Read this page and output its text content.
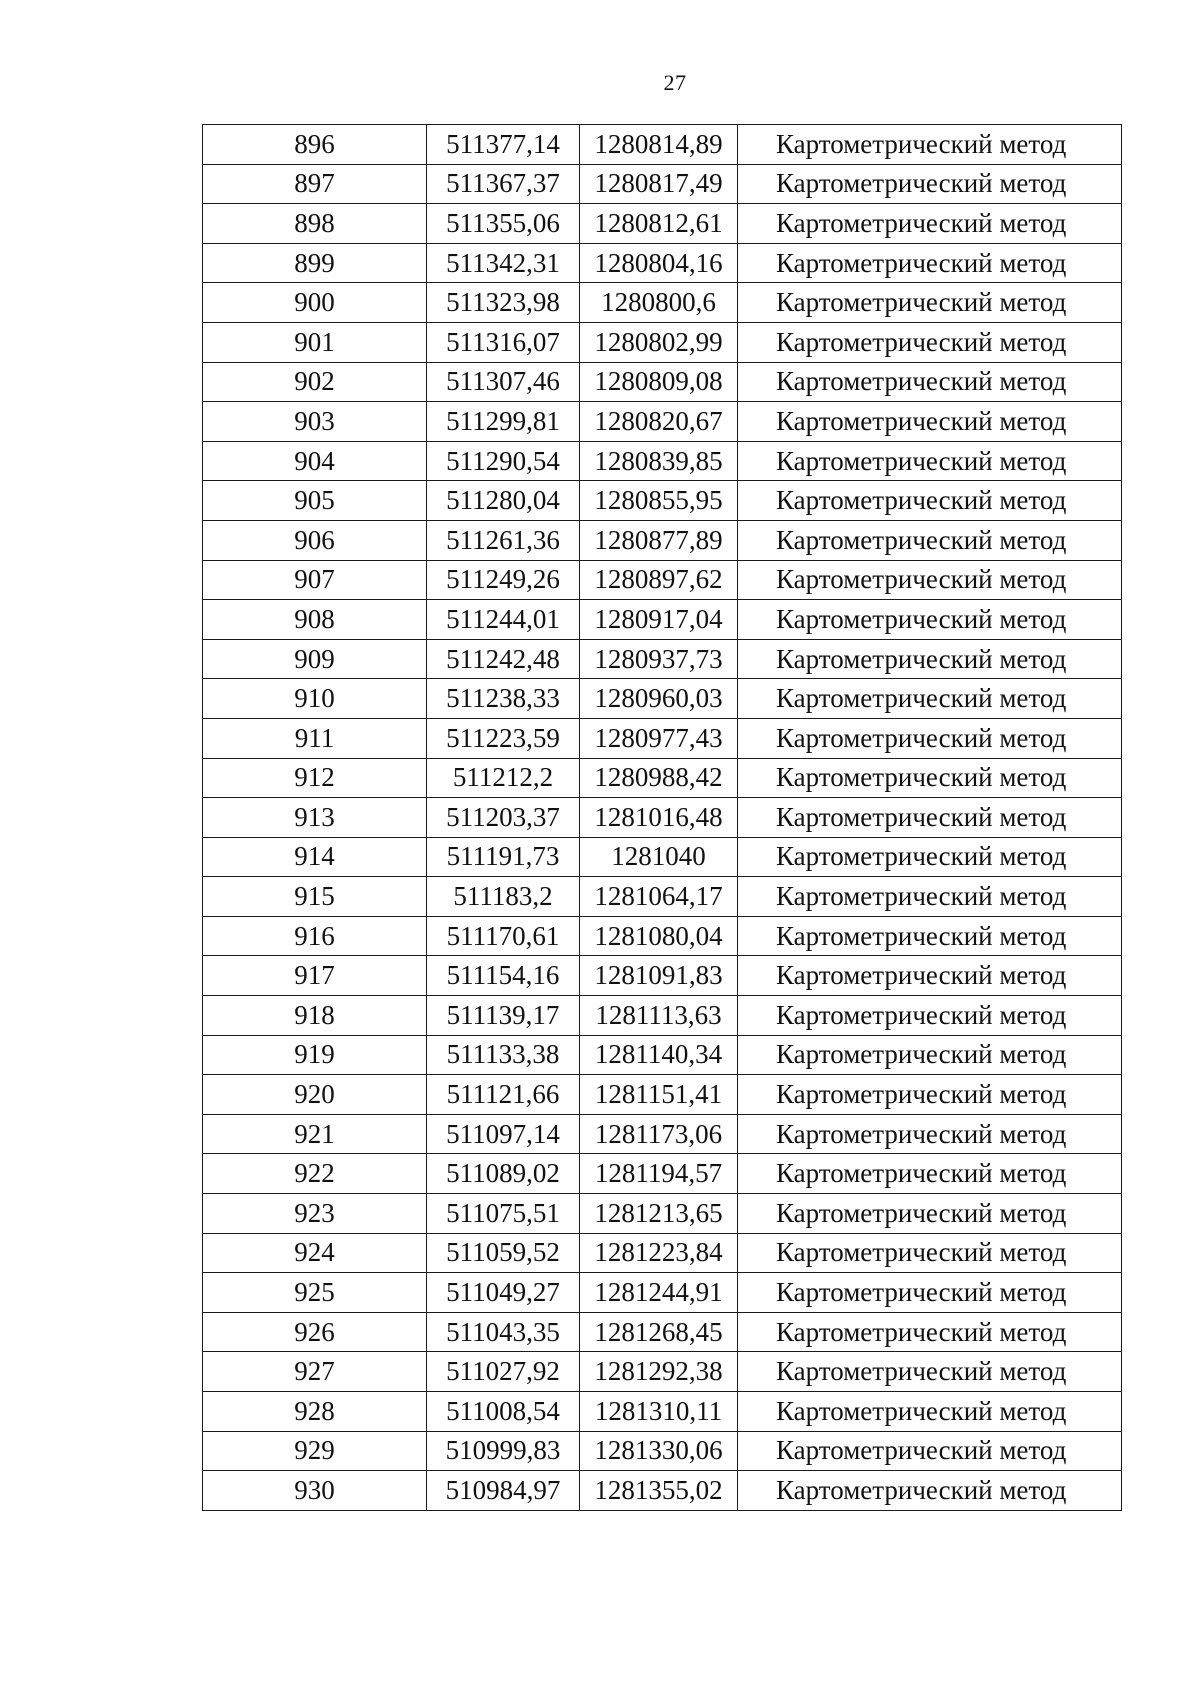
27
896	511377,14	1280814,89	Картометрический метод
897	511367,37	1280817,49	Картометрический метод
898	511355,06	1280812,61	Картометрический метод
899	511342,31	1280804,16	Картометрический метод
900	511323,98	1280800,6	Картометрический метод
901	511316,07	1280802,99	Картометрический метод
902	511307,46	1280809,08	Картометрический метод
903	511299,81	1280820,67	Картометрический метод
904	511290,54	1280839,85	Картометрический метод
905	511280,04	1280855,95	Картометрический метод
906	511261,36	1280877,89	Картометрический метод
907	511249,26	1280897,62	Картометрический метод
908	511244,01	1280917,04	Картометрический метод
909	511242,48	1280937,73	Картометрический метод
910	511238,33	1280960,03	Картометрический метод
911	511223,59	1280977,43	Картометрический метод
912	511212,2	1280988,42	Картометрический метод
913	511203,37	1281016,48	Картометрический метод
914	511191,73	1281040	Картометрический метод
915	511183,2	1281064,17	Картометрический метод
916	511170,61	1281080,04	Картометрический метод
917	511154,16	1281091,83	Картометрический метод
918	511139,17	1281113,63	Картометрический метод
919	511133,38	1281140,34	Картометрический метод
920	511121,66	1281151,41	Картометрический метод
921	511097,14	1281173,06	Картометрический метод
922	511089,02	1281194,57	Картометрический метод
923	511075,51	1281213,65	Картометрический метод
924	511059,52	1281223,84	Картометрический метод
925	511049,27	1281244,91	Картометрический метод
926	511043,35	1281268,45	Картометрический метод
927	511027,92	1281292,38	Картометрический метод
928	511008,54	1281310,11	Картометрический метод
929	510999,83	1281330,06	Картометрический метод
930	510984,97	1281355,02	Картометрический метод
